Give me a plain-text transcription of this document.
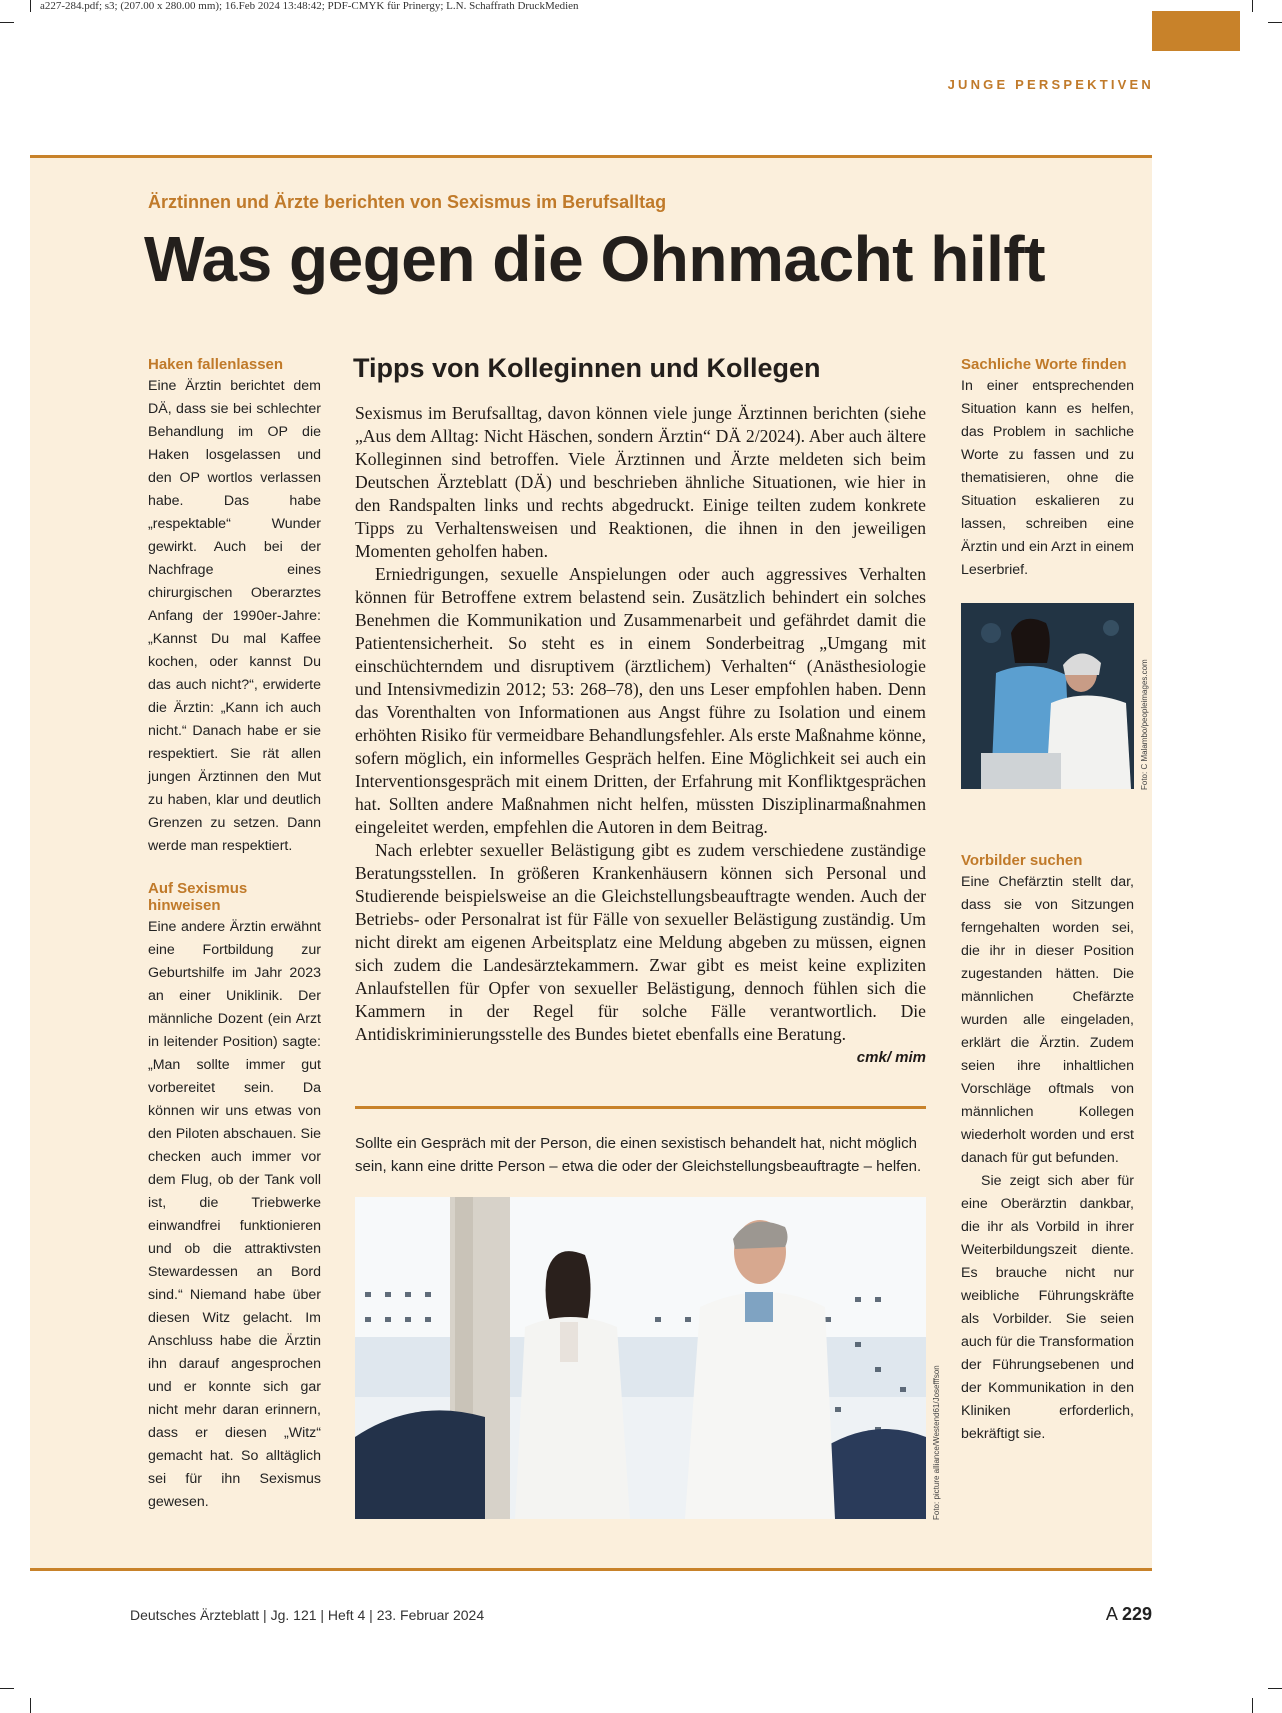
a227-284.pdf; s3; (207.00 x 280.00 mm); 16.Feb 2024 13:48:42; PDF-CMYK für Prinergy; L.N. Schaffrath DruckMedien
JUNGE PERSPEKTIVEN
Ärztinnen und Ärzte berichten von Sexismus im Berufsalltag
Was gegen die Ohnmacht hilft
Haken fallenlassen

Eine Ärztin berichtet dem DÄ, dass sie bei schlechter Behandlung im OP die Haken losgelassen und den OP wortlos verlassen habe. Das habe „respektable“ Wunder gewirkt. Auch bei der Nachfrage eines chirurgischen Oberarztes Anfang der 1990er-Jahre: „Kannst Du mal Kaffee kochen, oder kannst Du das auch nicht?“, erwiderte die Ärztin: „Kann ich auch nicht.“ Danach habe er sie respektiert. Sie rät allen jungen Ärztinnen den Mut zu haben, klar und deutlich Grenzen zu setzen. Dann werde man respektiert.

Auf Sexismus hinweisen

Eine andere Ärztin erwähnt eine Fortbildung zur Geburtshilfe im Jahr 2023 an einer Uniklinik. Der männliche Dozent (ein Arzt in leitender Position) sagte: „Man sollte immer gut vorbereitet sein. Da können wir uns etwas von den Piloten abschauen. Sie checken auch immer vor dem Flug, ob der Tank voll ist, die Triebwerke einwandfrei funktionieren und ob die attraktivsten Stewardessen an Bord sind.“ Niemand habe über diesen Witz gelacht. Im Anschluss habe die Ärztin ihn darauf angesprochen und er konnte sich gar nicht mehr daran erinnern, dass er diesen „Witz“ gemacht hat. So alltäglich sei für ihn Sexismus gewesen.

Tipps von Kolleginnen und Kollegen

Sexismus im Berufsalltag, davon können viele junge Ärztinnen berichten (siehe „Aus dem Alltag: Nicht Häschen, sondern Ärztin“ DÄ 2/2024). Aber auch ältere Kolleginnen sind betroffen. Viele Ärztinnen und Ärzte meldeten sich beim Deutschen Ärzteblatt (DÄ) und beschrieben ähnliche Situationen, wie hier in den Randspalten links und rechts abgedruckt. Einige teilten zudem konkrete Tipps zu Verhaltensweisen und Reaktionen, die ihnen in den jeweiligen Momenten geholfen haben.

Erniedrigungen, sexuelle Anspielungen oder auch aggressives Verhalten können für Betroffene extrem belastend sein. Zusätzlich behindert ein solches Benehmen die Kommunikation und Zusammenarbeit und gefährdet damit die Patientensicherheit. So steht es in einem Sonderbeitrag „Umgang mit einschüchterndem und disruptivem (ärztlichem) Verhalten“ (Anästhesiologie und Intensivmedizin 2012; 53: 268–78), den uns Leser empfohlen haben. Denn das Vorenthalten von Informationen aus Angst führe zu Isolation und einem erhöhten Risiko für vermeidbare Behandlungsfehler. Als erste Maßnahme könne, sofern möglich, ein informelles Gespräch helfen. Eine Möglichkeit sei auch ein Interventionsgespräch mit einem Dritten, der Erfahrung mit Konfliktgesprächen hat. Sollten andere Maßnahmen nicht helfen, müssten Disziplinarmaßnahmen eingeleitet werden, empfehlen die Autoren in dem Beitrag.

Nach erlebter sexueller Belästigung gibt es zudem verschiedene zuständige Beratungsstellen. In größeren Krankenhäusern können sich Personal und Studierende beispielsweise an die Gleichstellungsbeauftragte wenden. Auch der Betriebs- oder Personalrat ist für Fälle von sexueller Belästigung zuständig. Um nicht direkt am eigenen Arbeitsplatz eine Meldung abgeben zu müssen, eignen sich zudem die Landesärztekammern. Zwar gibt es meist keine expliziten Anlaufstellen für Opfer von sexueller Belästigung, dennoch fühlen sich die Kammern in der Regel für solche Fälle verantwortlich. Die Antidiskriminierungsstelle des Bundes bietet ebenfalls eine Beratung.
cmk/ mim

Sollte ein Gespräch mit der Person, die einen sexistisch behandelt hat, nicht möglich sein, kann eine dritte Person – etwa die oder der Gleichstellungsbeauftragte – helfen.
Foto: picture alliance/Westend61/Josefffson
Sachliche Worte finden

In einer entsprechenden Situation kann es helfen, das Problem in sachliche Worte zu fassen und zu thematisieren, ohne die Situation eskalieren zu lassen, schreiben eine Ärztin und ein Arzt in einem Leserbrief.

Vorbilder suchen

Eine Chefärztin stellt dar, dass sie von Sitzungen ferngehalten worden sei, die ihr in dieser Position zugestanden hätten. Die männlichen Chefärzte wurden alle eingeladen, erklärt die Ärztin. Zudem seien ihre inhaltlichen Vorschläge oftmals von männlichen Kollegen wiederholt worden und erst danach für gut befunden.

Sie zeigt sich aber für eine Oberärztin dankbar, die ihr als Vorbild in ihrer Weiterbildungszeit diente. Es brauche nicht nur weibliche Führungskräfte als Vorbilder. Sie seien auch für die Transformation der Führungsebenen und der Kommunikation in den Kliniken erforderlich, bekräftigt sie.

Foto: C Malambo/peopleimages.com
Deutsches Ärzteblatt | Jg. 121 | Heft 4 | 23. Februar 2024	A 229
